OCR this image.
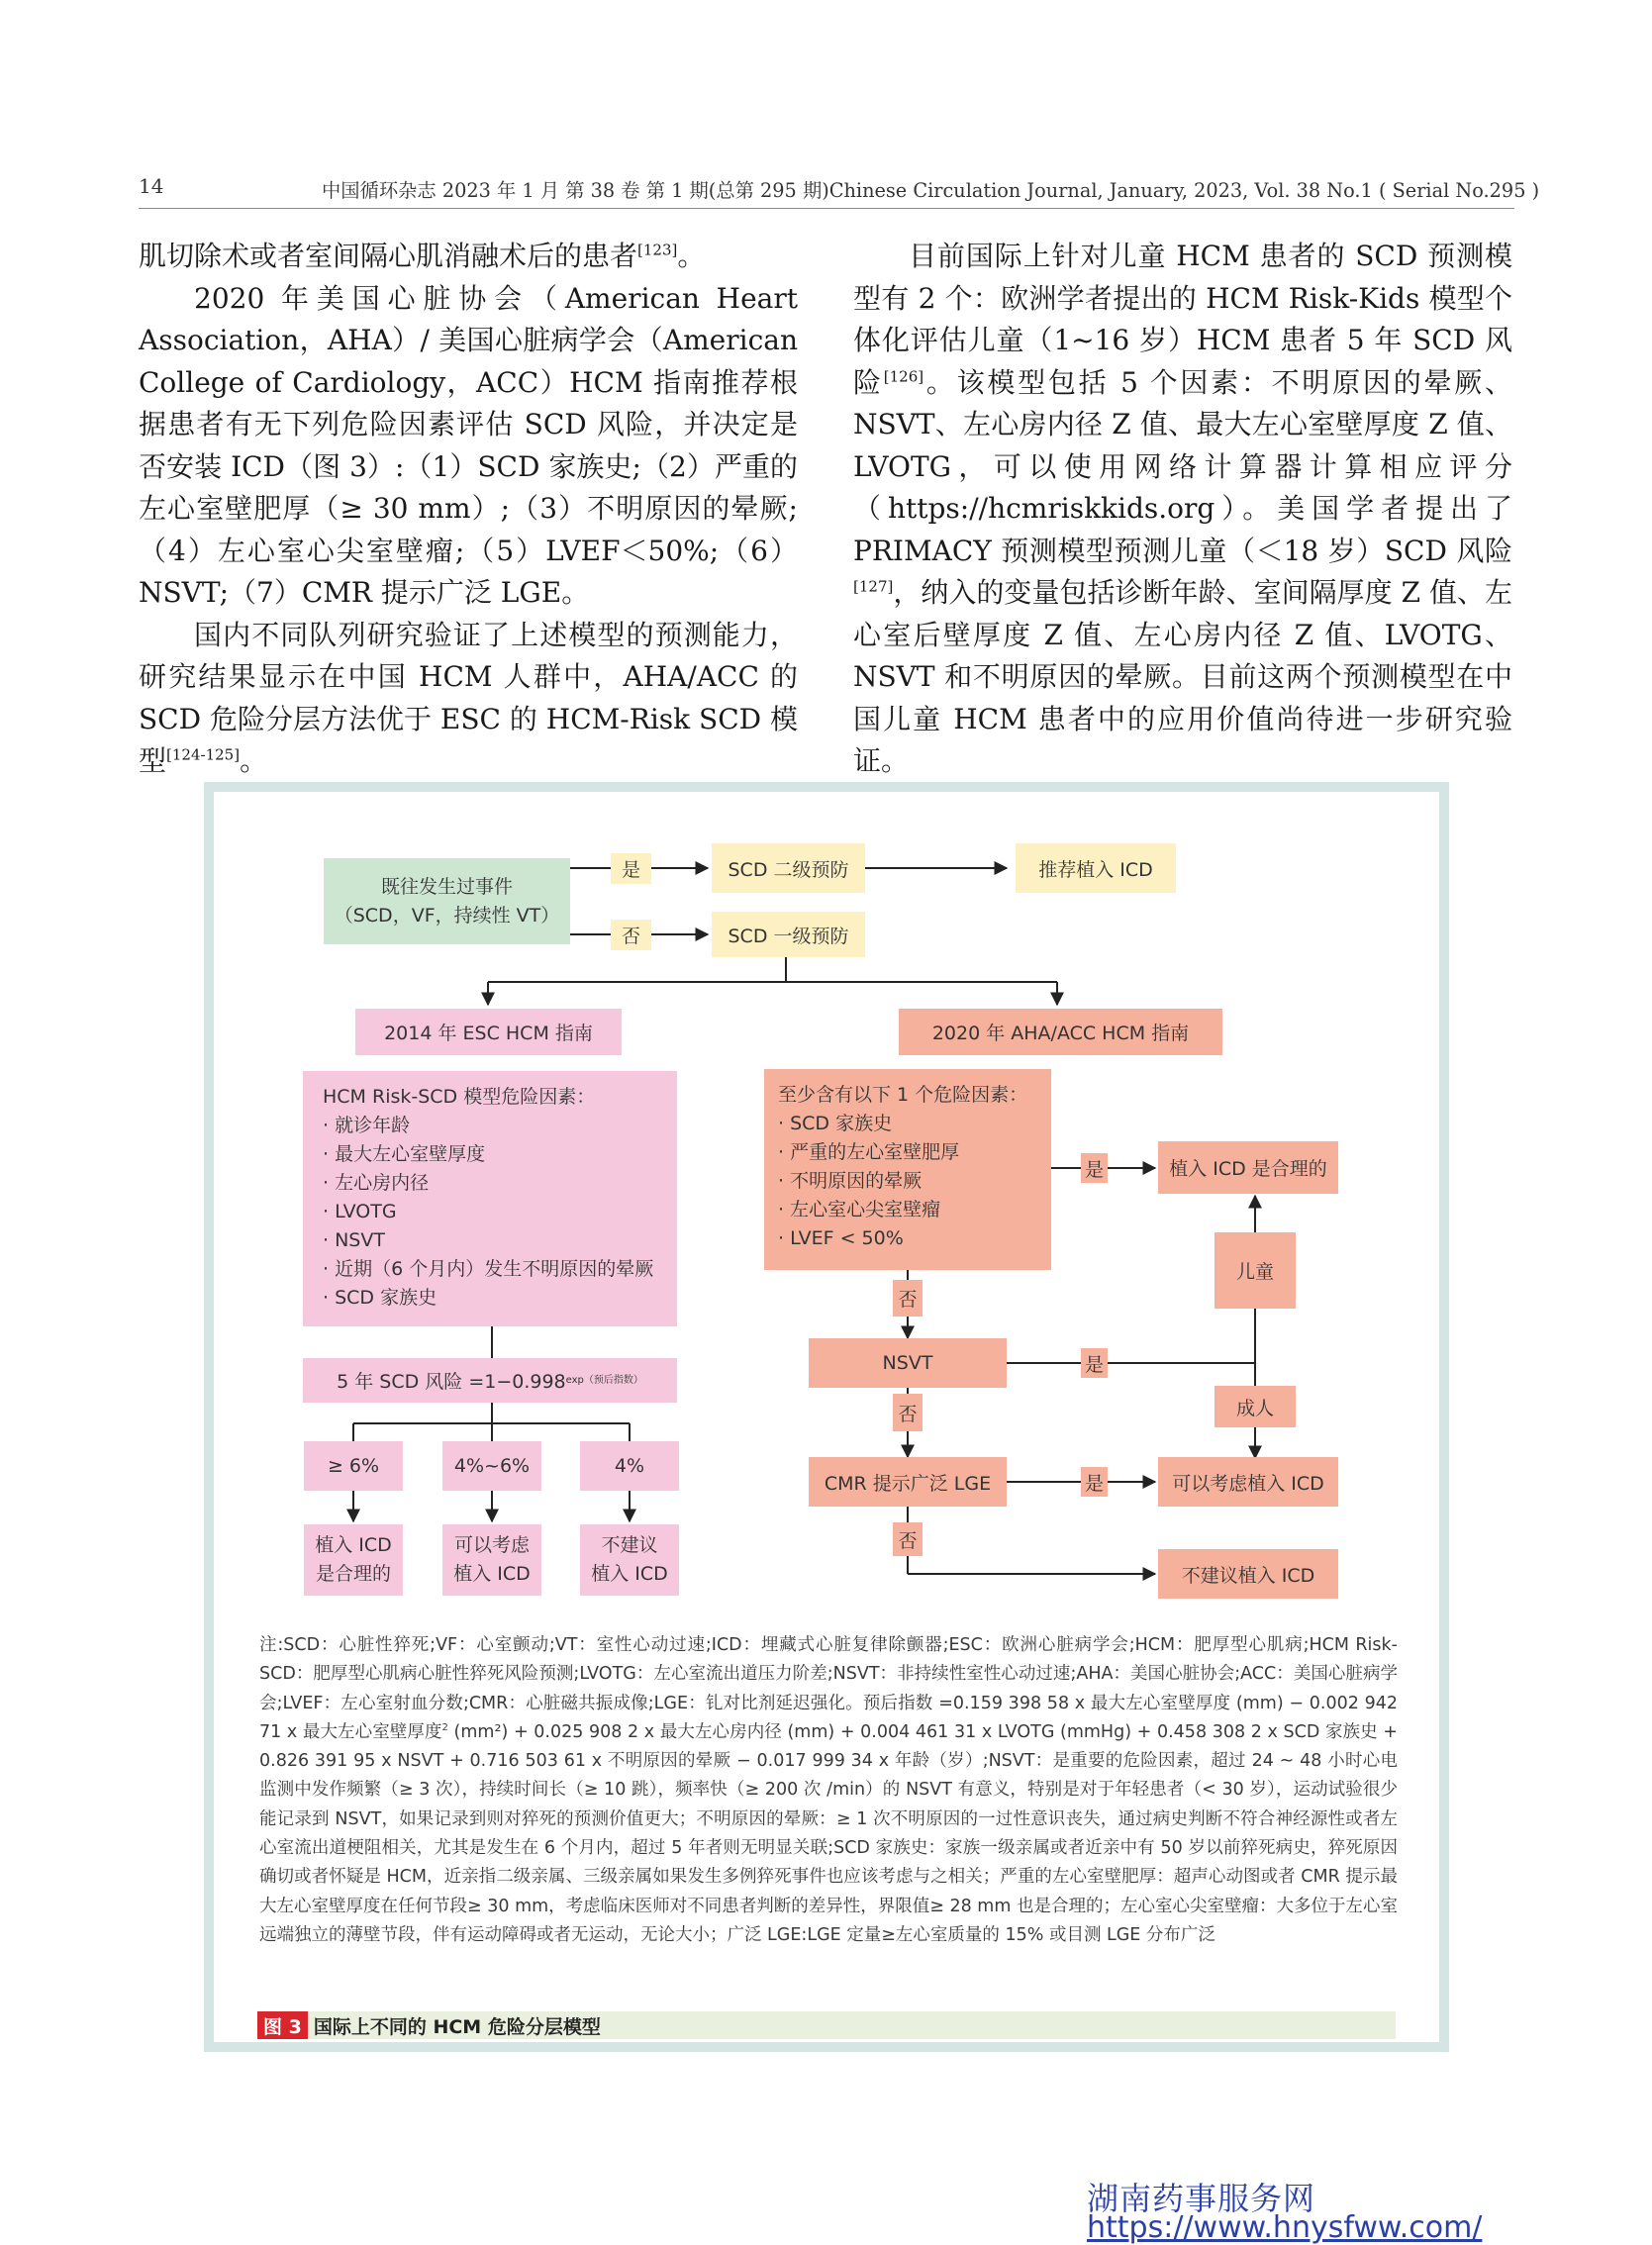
14	中国循环杂志 2023 年 1 月 第 38 卷 第 1 期(总第 295 期)Chinese Circulation Journal, January, 2023, Vol. 38 No.1 ( Serial No.295 )

肌切除术或者室间隔心肌消融术后的患者[123]。

2020 年美国心脏协会（American Heart Association，AHA）/ 美国心脏病学会（American College of Cardiology，ACC）HCM 指南推荐根据患者有无下列危险因素评估 SCD 风险，并决定是否安装 ICD（图 3）:（1）SCD 家族史;（2）严重的左心室壁肥厚（≥ 30 mm）;（3）不明原因的晕厥;（4）左心室心尖室壁瘤;（5）LVEF＜50%;（6）NSVT;（7）CMR 提示广泛 LGE。

国内不同队列研究验证了上述模型的预测能力，研究结果显示在中国 HCM 人群中，AHA/ACC 的 SCD 危险分层方法优于 ESC 的 HCM-Risk SCD 模型[124-125]。

目前国际上针对儿童 HCM 患者的 SCD 预测模型有 2 个：欧洲学者提出的 HCM Risk-Kids 模型个体化评估儿童（1~16 岁）HCM 患者 5 年 SCD 风险[126]。该模型包括 5 个因素：不明原因的晕厥、NSVT、左心房内径 Z 值、最大左心室壁厚度 Z 值、LVOTG，可以使用网络计算器计算相应评分（https://hcmriskkids.org）。美国学者提出了 PRIMACY 预测模型预测儿童（＜18 岁）SCD 风险[127]，纳入的变量包括诊断年龄、室间隔厚度 Z 值、左心室后壁厚度 Z 值、左心房内径 Z 值、LVOTG、NSVT 和不明原因的晕厥。目前这两个预测模型在中国儿童 HCM 患者中的应用价值尚待进一步研究验证。

既往发生过事件
（SCD，VF，持续性 VT）
是
否
SCD 二级预防	推荐植入 ICD
SCD 一级预防
2014 年 ESC HCM 指南	2020 年 AHA/ACC HCM 指南
HCM Risk-SCD 模型危险因素：
· 就诊年龄
· 最大左心室壁厚度
· 左心房内径
· LVOTG
· NSVT
· 近期（6 个月内）发生不明原因的晕厥
· SCD 家族史
5 年 SCD 风险 =1−0.998 exp（预后指数）
≥ 6%	4%~6%	4%
植入 ICD
是合理的
可以考虑
植入 ICD
不建议
植入 ICD
至少含有以下 1 个危险因素：
· SCD 家族史
· 严重的左心室壁肥厚
· 不明原因的晕厥
· 左心室心尖室壁瘤
· LVEF < 50%
是	植入 ICD 是合理的
儿童
否
NSVT	是
成人
否
CMR 提示广泛 LGE	是	可以考虑植入 ICD
否
不建议植入 ICD
注:SCD：心脏性猝死;VF：心室颤动;VT：室性心动过速;ICD：埋藏式心脏复律除颤器;ESC：欧洲心脏病学会;HCM：肥厚型心肌病;HCM Risk-SCD：肥厚型心肌病心脏性猝死风险预测;LVOTG：左心室流出道压力阶差;NSVT：非持续性室性心动过速;AHA：美国心脏协会;ACC：美国心脏病学会;LVEF：左心室射血分数;CMR：心脏磁共振成像;LGE：钆对比剂延迟强化。预后指数 =0.159 398 58 x 最大左心室壁厚度 (mm) − 0.002 942 71 x 最大左心室壁厚度$^2$ (mm²) + 0.025 908 2 x 最大左心房内径 (mm) + 0.004 461 31 x LVOTG (mmHg) + 0.458 308 2 x SCD 家族史 + 0.826 391 95 x NSVT + 0.716 503 61 x 不明原因的晕厥 − 0.017 999 34 x 年龄（岁）;NSVT：是重要的危险因素，超过 24 ~ 48 小时心电监测中发作频繁（≥ 3 次），持续时间长（≥ 10 跳），频率快（≥ 200 次 /min）的 NSVT 有意义，特别是对于年轻患者（< 30 岁），运动试验很少能记录到 NSVT，如果记录到则对猝死的预测价值更大；不明原因的晕厥：≥ 1 次不明原因的一过性意识丧失，通过病史判断不符合神经源性或者左心室流出道梗阻相关，尤其是发生在 6 个月内，超过 5 年者则无明显关联;SCD 家族史：家族一级亲属或者近亲中有 50 岁以前猝死病史，猝死原因确切或者怀疑是 HCM，近亲指二级亲属、三级亲属如果发生多例猝死事件也应该考虑与之相关；严重的左心室壁肥厚：超声心动图或者 CMR 提示最大左心室壁厚度在任何节段≥ 30 mm，考虑临床医师对不同患者判断的差异性，界限值≥ 28 mm 也是合理的；左心室心尖室壁瘤：大多位于左心室远端独立的薄壁节段，伴有运动障碍或者无运动，无论大小；广泛 LGE:LGE 定量≥左心室质量的 15% 或目测 LGE 分布广泛
图 3 国际上不同的 HCM 危险分层模型
湖南药事服务网
https://www.hnysfww.com/
